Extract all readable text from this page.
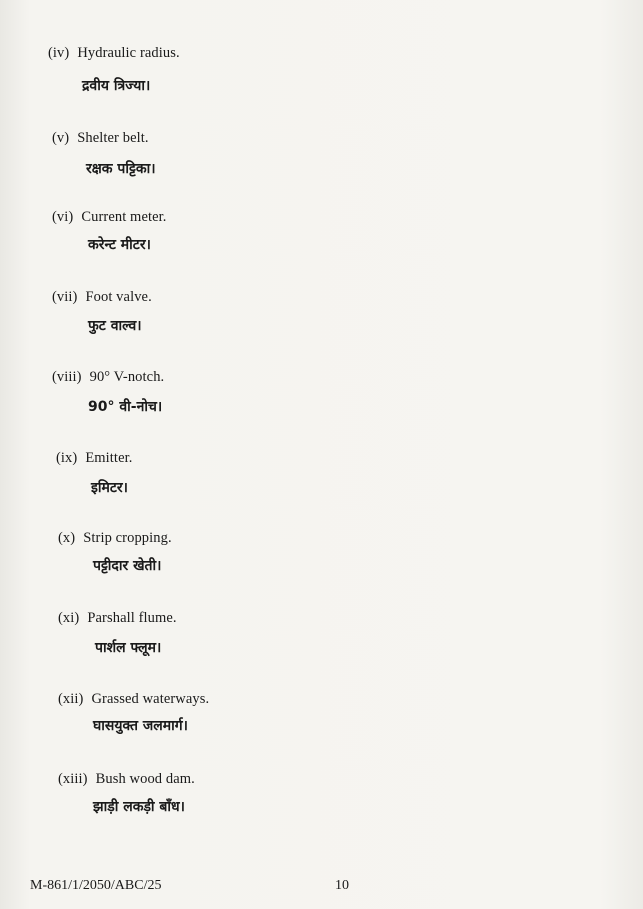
(iv) Hydraulic radius.
द्रवीय त्रिज्या।
(v) Shelter belt.
रक्षक पट्टिका।
(vi) Current meter.
करेन्ट मीटर।
(vii) Foot valve.
फुट वाल्व।
(viii) 90° V-notch.
90° वी-नोच।
(ix) Emitter.
इमिटर।
(x) Strip cropping.
पट्टीदार खेती।
(xi) Parshall flume.
पार्शल फ्लूम।
(xii) Grassed waterways.
घासयुक्त जलमार्ग।
(xiii) Bush wood dam.
झाड़ी लकड़ी बाँध।
M-861/1/2050/ABC/25	10
